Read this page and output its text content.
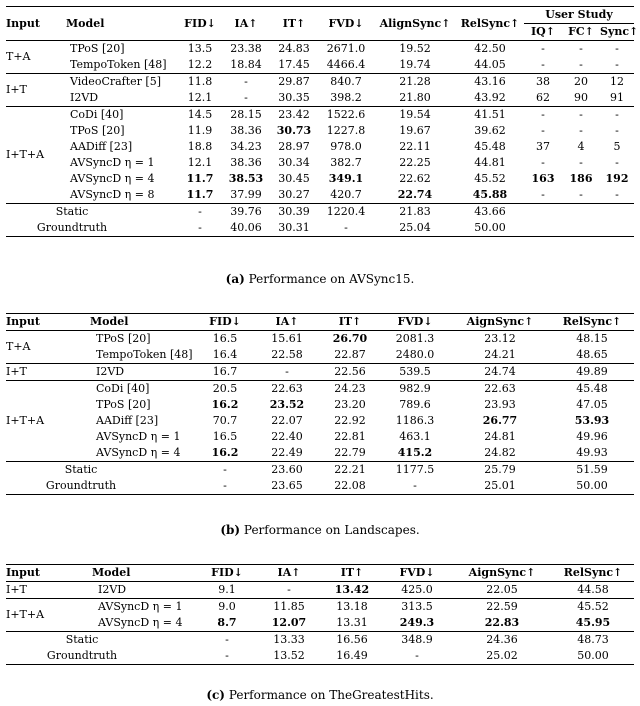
Input	Model	FID↓	IA↑	IT↑	FVD↓	AlignSync↑	RelSync↑	User Study		
								IQ↑	FC↑	Sync↑
T+A	TPoS [20]	13.5	23.38	24.83	2671.0	19.52	42.50	-	-	-
	TempoToken [48]	12.2	18.84	17.45	4466.4	19.74	44.05	-	-	-
I+T	VideoCrafter [5]	11.8	-	29.87	840.7	21.28	43.16	38	20	12
	I2VD	12.1	-	30.35	398.2	21.80	43.92	62	90	91
I+T+A	CoDi [40]	14.5	28.15	23.42	1522.6	19.54	41.51	-	-	-
	TPoS [20]	11.9	38.36	30.73	1227.8	19.67	39.62	-	-	-
	AADiff [23]	18.8	34.23	28.97	978.0	22.11	45.48	37	4	5
	AVSyncD η = 1	12.1	38.36	30.34	382.7	22.25	44.81	-	-	-
	AVSyncD η = 4	11.7	38.53	30.45	349.1	22.62	45.52	163	186	192
	AVSyncD η = 8	11.7	37.99	30.27	420.7	22.74	45.88	-	-	-
Static		-	39.76	30.39	1220.4	21.83	43.66			
Groundtruth		-	40.06	30.31	-	25.04	50.00			
(a) Performance on AVSync15.
Input	Model	FID↓	IA↑	IT↑	FVD↓	AignSync↑	RelSync↑
T+A	TPoS [20]	16.5	15.61	26.70	2081.3	23.12	48.15
	TempoToken [48]	16.4	22.58	22.87	2480.0	24.21	48.65
I+T	I2VD	16.7	-	22.56	539.5	24.74	49.89
I+T+A	CoDi [40]	20.5	22.63	24.23	982.9	22.63	45.48
	TPoS [20]	16.2	23.52	23.20	789.6	23.93	47.05
	AADiff [23]	70.7	22.07	22.92	1186.3	26.77	53.93
	AVSyncD η = 1	16.5	22.40	22.81	463.1	24.81	49.96
	AVSyncD η = 4	16.2	22.49	22.79	415.2	24.82	49.93
Static		-	23.60	22.21	1177.5	25.79	51.59
Groundtruth		-	23.65	22.08	-	25.01	50.00
(b) Performance on Landscapes.
Input	Model	FID↓	IA↑	IT↑	FVD↓	AignSync↑	RelSync↑
I+T	I2VD	9.1	-	13.42	425.0	22.05	44.58
I+T+A	AVSyncD η = 1	9.0	11.85	13.18	313.5	22.59	45.52
	AVSyncD η = 4	8.7	12.07	13.31	249.3	22.83	45.95
Static		-	13.33	16.56	348.9	24.36	48.73
Groundtruth		-	13.52	16.49	-	25.02	50.00
(c) Performance on TheGreatestHits.
